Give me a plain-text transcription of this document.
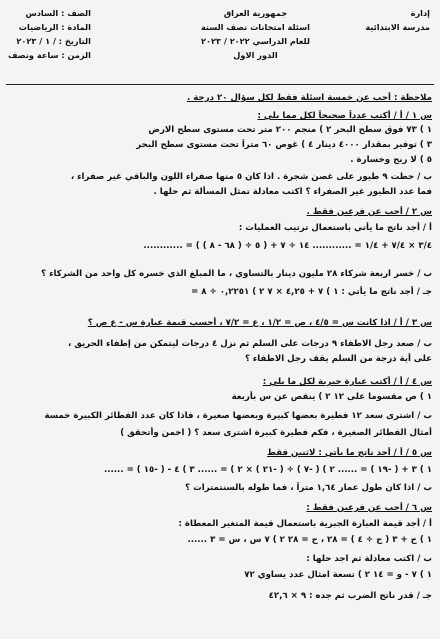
إدارة
مدرسة الابتدائية
جمهورية العراق
اسئلة امتحانات نصف السنة
للعام الدراسي ٢٠٢٢ / ٢٠٢٣
الدور الاول
الصف : السادس
المادة : الرياضيات
التاريخ : / ١ / ٢٠٢٣
الزمن : ساعة ونصف
ملاحظة : أجب عن خمسة اسئلة فقط لكل سؤال ٢٠ درجة .
س ١ / أ / أكتب عدداً صحيحاً لكل مما يلي :
١ ) ٧٣ فوق سطح البحر ٢ ) منجم ٢٠٠ متر تحت مستوى سطح الارض
٣ ) توفير بمقدار ٤٠٠٠ دينار ٤ ) غوص ٦٠ متراً تحت مستوى سطح البحر
٥ ) لا ربح وخسارة .
ب / حطت ٩ طيور على غصن شجرة . اذا كان ٥ منها صفراء اللون والباقي غير صفراء ،
فما عدد الطيور غير الصفراء ؟ اكتب معادلة تمثل المسألة ثم حلها .
س ٢ / أجب عن فرعين فقط .
أ / أجد ناتج ما يأتي باستعمال ترتيب العمليات :
٣/٤ × ٧/٤ + ١/٤ = ............ ١٤ ÷ ٧ + ( ٥ ÷ ( ٦٨ - ٨ ) ) = ............
ب / خسر اربعة شركاء ٢٨ مليون دينار بالتساوي ، ما المبلغ الذي خسره كل واحد من الشركاء ؟
جـ / أجد ناتج ما يأتي : ١ ) ٧ + ٤,٢٥ × ٧ ٢ ) ٠,٢٢٥١ ÷ ٨ =
س ٣ / أ / اذا كانت س = ٤/٥ ، ص = ١/٢ ، ع = ٧/٢ ، أحسب قيمة عبارة س - ع ص ؟
ب / صعد رجل الاطفاء ٩ درجات على السلم ثم نزل ٤ درجات ليتمكن من إطفاء الحريق ،
على أية درجة من السلم يقف رجل الاطفاء ؟
س ٤ / أ / أكتب عبارة جبرية لكل ما يلي :
١ ) ص مقسوما على ١٢ ٢ ) ينقص عن س بأربعة
ب / اشترى سعد ١٢ فطيرة بعضها كبيرة وبعضها صغيرة ، فاذا كان عدد الفطائر الكبيرة خمسة
أمثال الفطائر الصغيرة ، فكم فطيرة كبيرة اشترى سعد ؟ ( اخمن وأتحقق )
س ٥ / أ / أجد ناتج ما يأتي : لاثنين فقط
١ ) ٣ + ( -١٩ ) = ...... ٢ ) ( -٧ ) ÷ ( -٢١ ) × ٢ ) = ...... ٣ ) ٤ - ( -١٥ ) = ......
ب / اذا كان طول عمار ١,٦٤ متراً ، فما طوله بالسنتمترات ؟
س ٦ / أجب عن فرعين فقط :
أ / أجد قيمة العبارة الجبرية باستعمال قيمة المتغير المعطاة :
١ ) ح + ٣ ( ح ÷ ٤ ) = ٢٨ ، ح = ٢٨ ٢ ) ٧ س ، س = ٣ ......
ب / اكتب معادلة ثم اجد حلها :
١ ) ٧ - و = ١٤ ٢ ) تسعة امثال عدد يساوي ٧٢
جـ / قدر ناتج الضرب ثم جده : ٩ × ٤٢,٦
